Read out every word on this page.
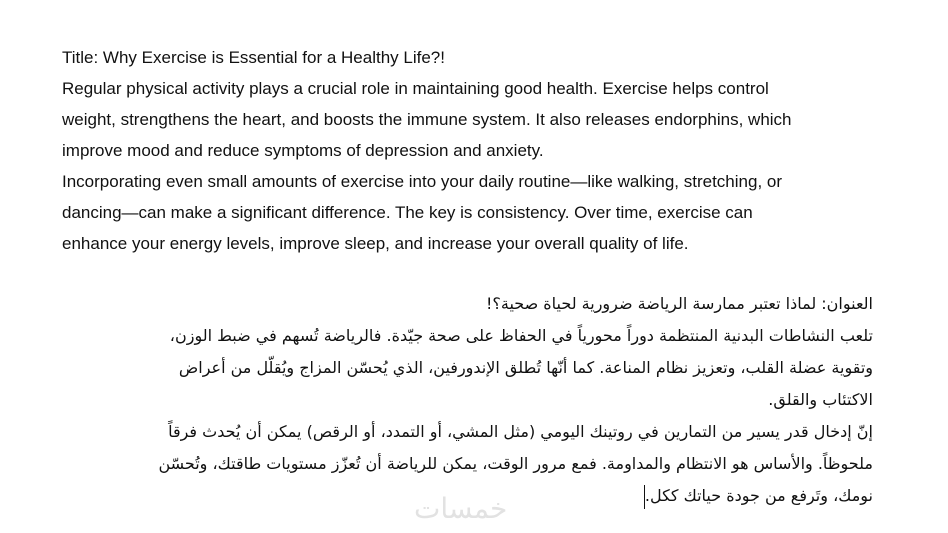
Title: Why Exercise is Essential for a Healthy Life?!
Regular physical activity plays a crucial role in maintaining good health. Exercise helps control
weight, strengthens the heart, and boosts the immune system. It also releases endorphins, which
improve mood and reduce symptoms of depression and anxiety.
Incorporating even small amounts of exercise into your daily routine—like walking, stretching, or
dancing—can make a significant difference. The key is consistency. Over time, exercise can
enhance your energy levels, improve sleep, and increase your overall quality of life.
العنوان: لماذا تعتبر ممارسة الرياضة ضرورية لحياة صحية؟!
تلعب النشاطات البدنية المنتظمة دوراً محورياً في الحفاظ على صحة جيّدة. فالرياضة تُسهم في ضبط الوزن،
وتقوية عضلة القلب، وتعزيز نظام المناعة. كما أنّها تُطلق الإندورفين، الذي يُحسّن المزاج ويُقلّل من أعراض
الاكتئاب والقلق.
إنّ إدخال قدر يسير من التمارين في روتينك اليومي (مثل المشي، أو التمدد، أو الرقص) يمكن أن يُحدث فرقاً
ملحوظاً. والأساس هو الانتظام والمداومة. فمع مرور الوقت، يمكن للرياضة أن تُعزّز مستويات طاقتك، وتُحسّن
نومك، وتَرفع من جودة حياتك ككل.
خمسات
